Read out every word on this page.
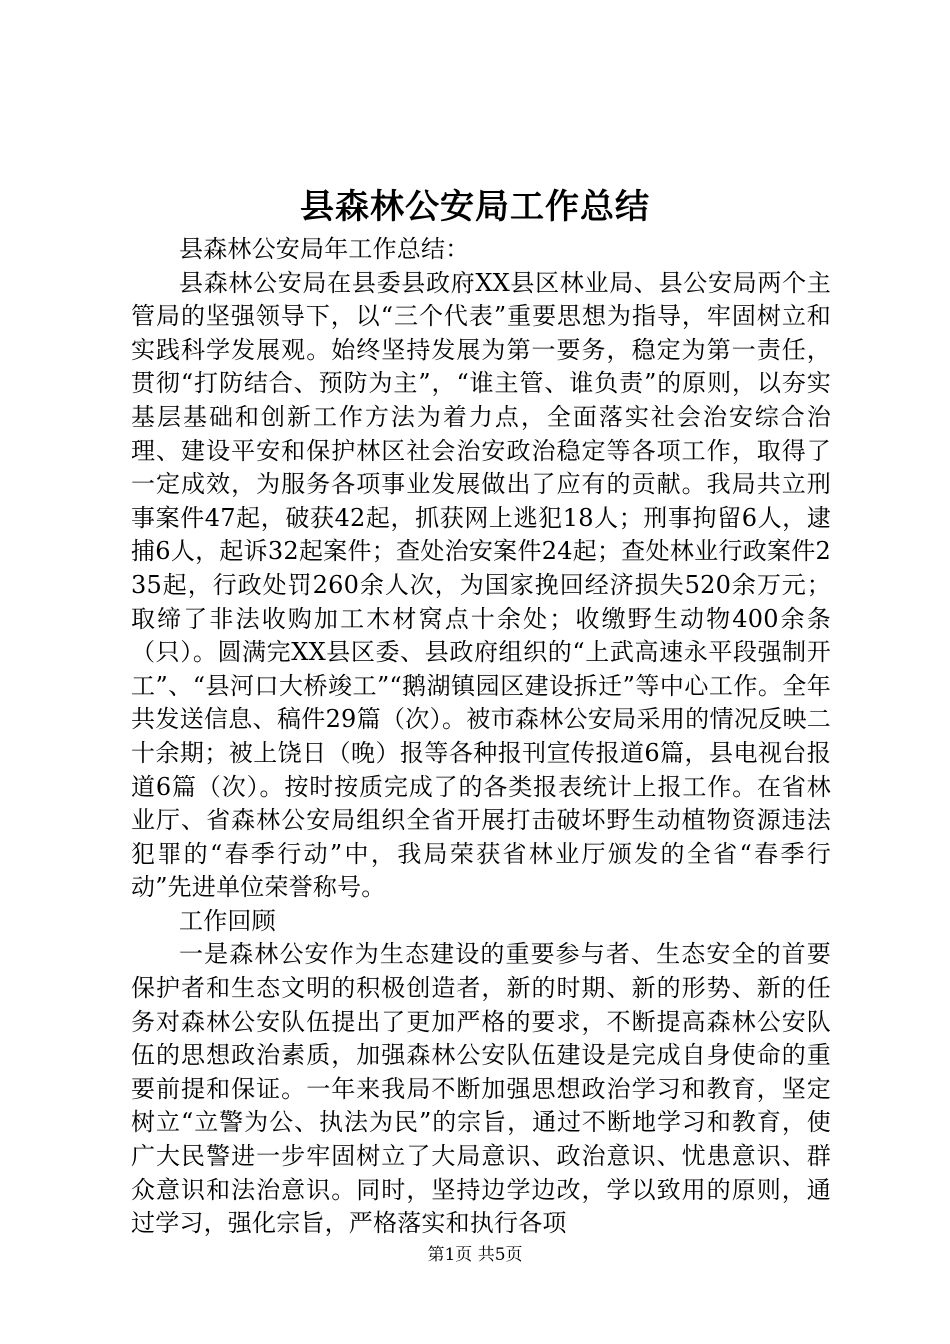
县森林公安局工作总结

县森林公安局年工作总结：

县森林公安局在县委县政府XX县区林业局、县公安局两个主管局的坚强领导下，以“三个代表”重要思想为指导，牢固树立和实践科学发展观。始终坚持发展为第一要务，稳定为第一责任，贯彻“打防结合、预防为主”，“谁主管、谁负责”的原则，以夯实基层基础和创新工作方法为着力点，全面落实社会治安综合治理、建设平安和保护林区社会治安政治稳定等各项工作，取得了一定成效，为服务各项事业发展做出了应有的贡献。我局共立刑事案件47起，破获42起，抓获网上逃犯18人；刑事拘留6人，逮捕6人，起诉32起案件；查处治安案件24起；查处林业行政案件235起，行政处罚260余人次，为国家挽回经济损失520余万元；取缔了非法收购加工木材窝点十余处；收缴野生动物400余条（只）。圆满完XX县区委、县政府组织的“上武高速永平段强制开工”、“县河口大桥竣工”“鹅湖镇园区建设拆迁”等中心工作。全年共发送信息、稿件29篇（次）。被市森林公安局采用的情况反映二十余期；被上饶日（晚）报等各种报刊宣传报道6篇，县电视台报道6篇（次）。按时按质完成了的各类报表统计上报工作。在省林业厅、省森林公安局组织全省开展打击破坏野生动植物资源违法犯罪的“春季行动”中，我局荣获省林业厅颁发的全省“春季行动”先进单位荣誉称号。

工作回顾

一是森林公安作为生态建设的重要参与者、生态安全的首要保护者和生态文明的积极创造者，新的时期、新的形势、新的任务对森林公安队伍提出了更加严格的要求，不断提高森林公安队伍的思想政治素质，加强森林公安队伍建设是完成自身使命的重要前提和保证。一年来我局不断加强思想政治学习和教育，坚定树立“立警为公、执法为民”的宗旨，通过不断地学习和教育，使广大民警进一步牢固树立了大局意识、政治意识、忧患意识、群众意识和法治意识。同时，坚持边学边改，学以致用的原则，通过学习，强化宗旨，严格落实和执行各项

第1页 共5页
